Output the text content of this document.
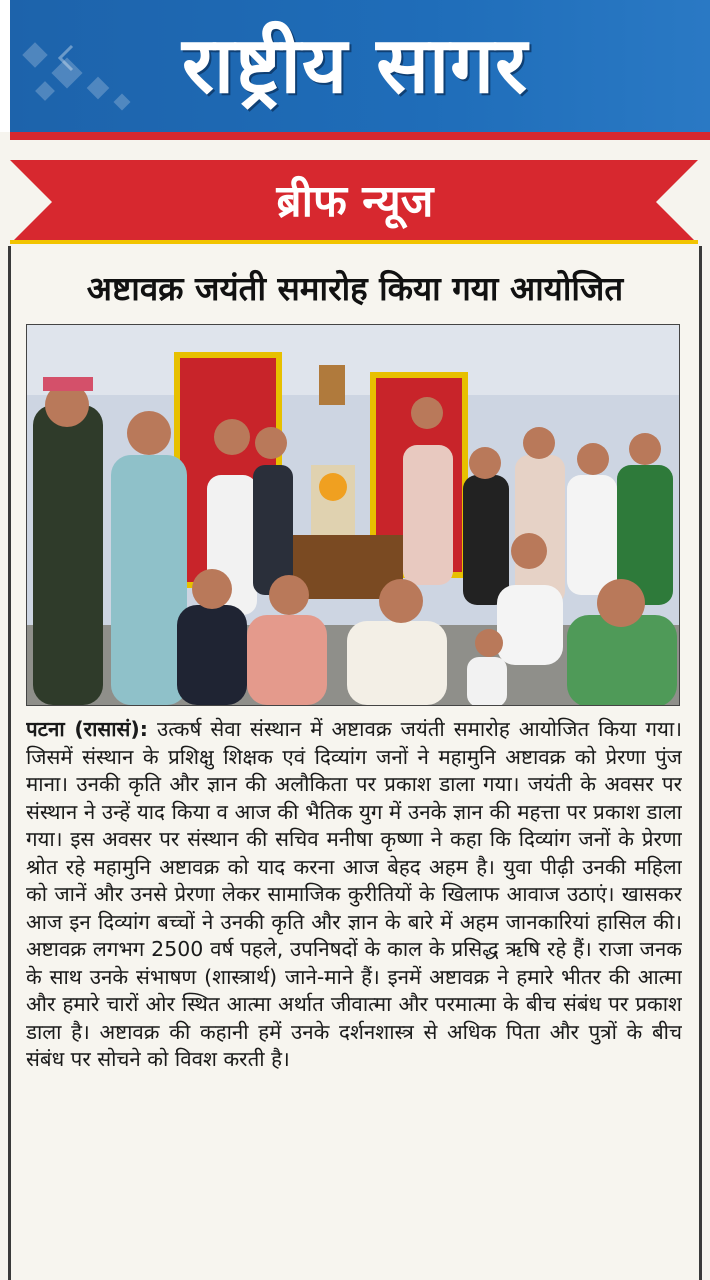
राष्ट्रीय सागर
ब्रीफ न्यूज
अष्टावक्र जयंती समारोह किया गया आयोजित
पटना (रासासं): उत्कर्ष सेवा संस्थान में अष्टावक्र जयंती समारोह आयोजित किया गया। जिसमें संस्थान के प्रशिक्षु शिक्षक एवं दिव्यांग जनों ने महामुनि अष्टावक्र को प्रेरणा पुंज माना। उनकी कृति और ज्ञान की अलौकिता पर प्रकाश डाला गया। जयंती के अवसर पर संस्थान ने उन्हें याद किया व आज की भैतिक युग में उनके ज्ञान की महत्ता पर प्रकाश डाला गया। इस अवसर पर संस्थान की सचिव मनीषा कृष्णा ने कहा कि दिव्यांग जनों के प्रेरणा श्रोत रहे महामुनि अष्टावक्र को याद करना आज बेहद अहम है। युवा पीढ़ी उनकी महिला को जानें और उनसे प्रेरणा लेकर सामाजिक कुरीतियों के खिलाफ आवाज उठाएं। खासकर आज इन दिव्यांग बच्चों ने उनकी कृति और ज्ञान के बारे में अहम जानकारियां हासिल की। अष्टावक्र लगभग 2500 वर्ष पहले, उपनिषदों के काल के प्रसिद्ध ऋषि रहे हैं। राजा जनक के साथ उनके संभाषण (शास्त्रार्थ) जाने-माने हैं। इनमें अष्टावक्र ने हमारे भीतर की आत्मा और हमारे चारों ओर स्थित आत्मा अर्थात जीवात्मा और परमात्मा के बीच संबंध पर प्रकाश डाला है। अष्टावक्र की कहानी हमें उनके दर्शनशास्त्र से अधिक पिता और पुत्रों के बीच संबंध पर सोचने को विवश करती है।
